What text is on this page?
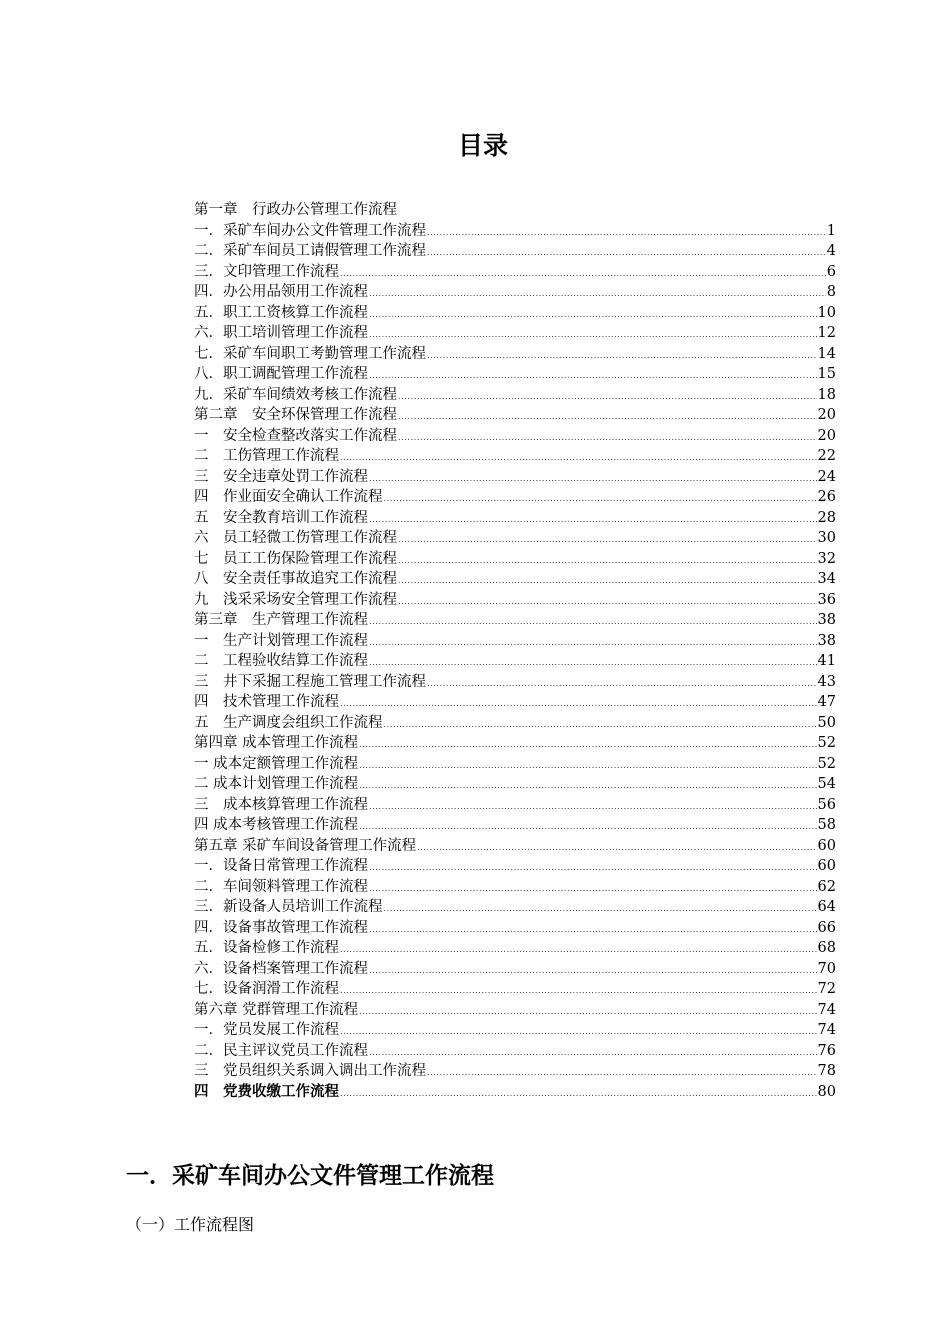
目录
第一章　行政办公管理工作流程
一．采矿车间办公文件管理工作流程 .....	1
二．采矿车间员工请假管理工作流程 .....	4
三．文印管理工作流程 .....	6
四．办公用品领用工作流程 .....	8
五．职工工资核算工作流程 .....	10
六．职工培训管理工作流程 .....	12
七．采矿车间职工考勤管理工作流程 .....	14
八．职工调配管理工作流程 .....	15
九．采矿车间绩效考核工作流程 .....	18
第二章　安全环保管理工作流程 .....	20
一　安全检查整改落实工作流程 .....	20
二　工伤管理工作流程 .....	22
三　安全违章处罚工作流程 .....	24
四　作业面安全确认工作流程 .....	26
五　安全教育培训工作流程 .....	28
六　员工轻微工伤管理工作流程 .....	30
七　员工工伤保险管理工作流程 .....	32
八　安全责任事故追究工作流程 .....	34
九　浅采采场安全管理工作流程 .....	36
第三章　生产管理工作流程 .....	38
一　生产计划管理工作流程 .....	38
二　工程验收结算工作流程 .....	41
三　井下采掘工程施工管理工作流程 .....	43
四　技术管理工作流程 .....	47
五　生产调度会组织工作流程 .....	50
第四章 成本管理工作流程 .....	52
一 成本定额管理工作流程 .....	52
二 成本计划管理工作流程 .....	54
三　成本核算管理工作流程 .....	56
四 成本考核管理工作流程 .....	58
第五章 采矿车间设备管理工作流程 .....	60
一．设备日常管理工作流程 .....	60
二．车间领料管理工作流程 .....	62
三．新设备人员培训工作流程 .....	64
四．设备事故管理工作流程 .....	66
五．设备检修工作流程 .....	68
六．设备档案管理工作流程 .....	70
七．设备润滑工作流程 .....	72
第六章 党群管理工作流程 .....	74
一．党员发展工作流程 .....	74
二．民主评议党员工作流程 .....	76
三　党员组织关系调入调出工作流程 .....	78
四　党费收缴工作流程 .....	80
一．采矿车间办公文件管理工作流程
（一）工作流程图
